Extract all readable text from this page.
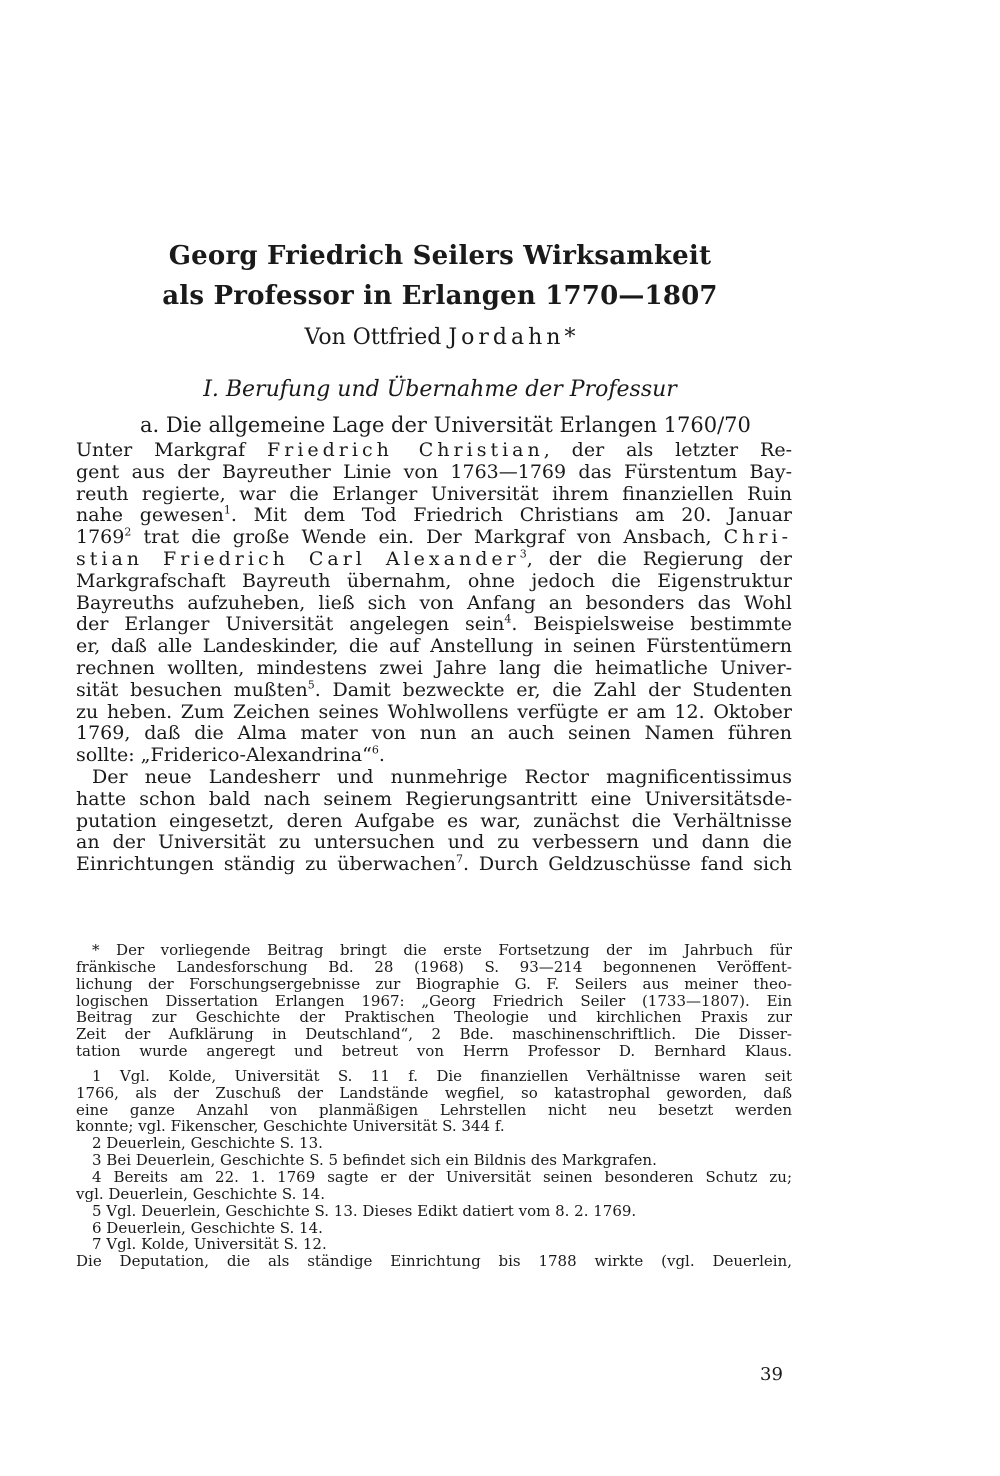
Georg Friedrich Seilers Wirksamkeit
als Professor in Erlangen 1770—1807
Von Ottfried Jordahn*
I. Berufung und Übernahme der Professur
a. Die allgemeine Lage der Universität Erlangen 1760/70
Unter Markgraf Friedrich Christian, der als letzter Re-
gent aus der Bayreuther Linie von 1763—1769 das Fürstentum Bay-
reuth regierte, war die Erlanger Universität ihrem finanziellen Ruin
nahe gewesen$^1$. Mit dem Tod Friedrich Christians am 20. Januar
1769$^2$ trat die große Wende ein. Der Markgraf von Ansbach, Chri-
stian Friedrich Carl Alexander$^3$, der die Regierung der
Markgrafschaft Bayreuth übernahm, ohne jedoch die Eigenstruktur
Bayreuths aufzuheben, ließ sich von Anfang an besonders das Wohl
der Erlanger Universität angelegen sein$^4$. Beispielsweise bestimmte
er, daß alle Landeskinder, die auf Anstellung in seinen Fürstentümern
rechnen wollten, mindestens zwei Jahre lang die heimatliche Univer-
sität besuchen mußten$^5$. Damit bezweckte er, die Zahl der Studenten
zu heben. Zum Zeichen seines Wohlwollens verfügte er am 12. Oktober
1769, daß die Alma mater von nun an auch seinen Namen führen
sollte: „Friderico-Alexandrina“$^6$.
Der neue Landesherr und nunmehrige Rector magnificentissimus
hatte schon bald nach seinem Regierungsantritt eine Universitätsde-
putation eingesetzt, deren Aufgabe es war, zunächst die Verhältnisse
an der Universität zu untersuchen und zu verbessern und dann die
Einrichtungen ständig zu überwachen$^7$. Durch Geldzuschüsse fand sich
* Der vorliegende Beitrag bringt die erste Fortsetzung der im Jahrbuch für
fränkische Landesforschung Bd. 28 (1968) S. 93—214 begonnenen Veröffent-
lichung der Forschungsergebnisse zur Biographie G. F. Seilers aus meiner theo-
logischen Dissertation Erlangen 1967: „Georg Friedrich Seiler (1733—1807). Ein
Beitrag zur Geschichte der Praktischen Theologie und kirchlichen Praxis zur
Zeit der Aufklärung in Deutschland“, 2 Bde. maschinenschriftlich. Die Disser-
tation wurde angeregt und betreut von Herrn Professor D. Bernhard Klaus.
1 Vgl. Kolde, Universität S. 11 f. Die finanziellen Verhältnisse waren seit
1766, als der Zuschuß der Landstände wegfiel, so katastrophal geworden, daß
eine ganze Anzahl von planmäßigen Lehrstellen nicht neu besetzt werden
konnte; vgl. Fikenscher, Geschichte Universität S. 344 f.
2 Deuerlein, Geschichte S. 13.
3 Bei Deuerlein, Geschichte S. 5 befindet sich ein Bildnis des Markgrafen.
4 Bereits am 22. 1. 1769 sagte er der Universität seinen besonderen Schutz zu;
vgl. Deuerlein, Geschichte S. 14.
5 Vgl. Deuerlein, Geschichte S. 13. Dieses Edikt datiert vom 8. 2. 1769.
6 Deuerlein, Geschichte S. 14.
7 Vgl. Kolde, Universität S. 12.
Die Deputation, die als ständige Einrichtung bis 1788 wirkte (vgl. Deuerlein,
39
